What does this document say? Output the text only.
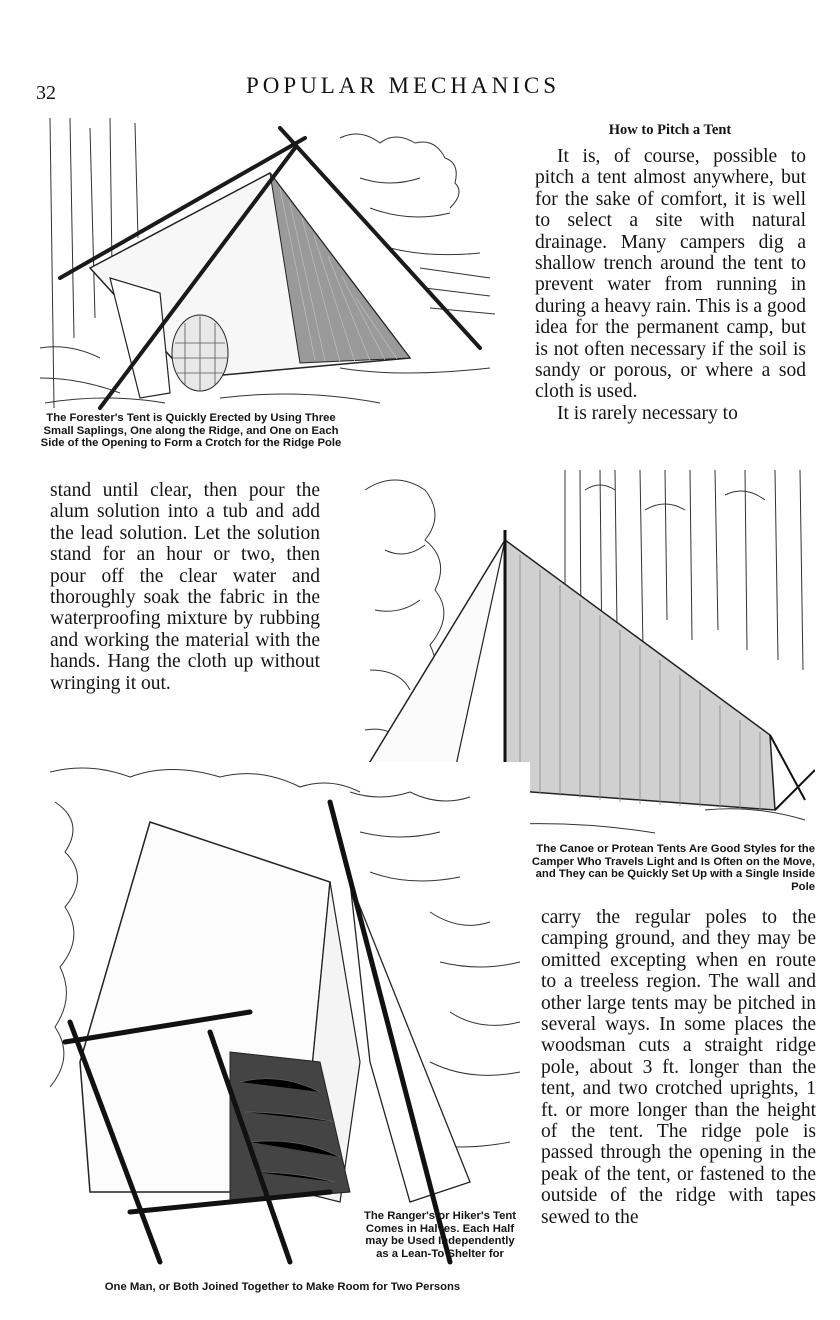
32	POPULAR MECHANICS
The Forester's Tent is Quickly Erected by Using Three Small Saplings, One along the Ridge, and One on Each Side of the Opening to Form a Crotch for the Ridge Pole
How to Pitch a Tent

It is, of course, possible to pitch a tent almost anywhere, but for the sake of comfort, it is well to select a site with natural drainage. Many campers dig a shallow trench around the tent to prevent water from running in during a heavy rain. This is a good idea for the permanent camp, but is not often necessary if the soil is sandy or porous, or where a sod cloth is used.

It is rarely necessary to

stand until clear, then pour the alum solution into a tub and add the lead solution. Let the solution stand for an hour or two, then pour off the clear water and thoroughly soak the fabric in the waterproofing mixture by rubbing and working the material with the hands. Hang the cloth up without wringing it out.

The Canoe or Protean Tents Are Good Styles for the Camper Who Travels Light and Is Often on the Move, and They can be Quickly Set Up with a Single Inside Pole
The Ranger's or Hiker's Tent Comes in Halves. Each Half may be Used Independently as a Lean-To Shelter for
One Man, or Both Joined Together to Make Room for Two Persons

carry the regular poles to the camping ground, and they may be omitted excepting when en route to a treeless region. The wall and other large tents may be pitched in several ways. In some places the woodsman cuts a straight ridge pole, about 3 ft. longer than the tent, and two crotched uprights, 1 ft. or more longer than the height of the tent. The ridge pole is passed through the opening in the peak of the tent, or fastened to the outside of the ridge with tapes sewed to the
